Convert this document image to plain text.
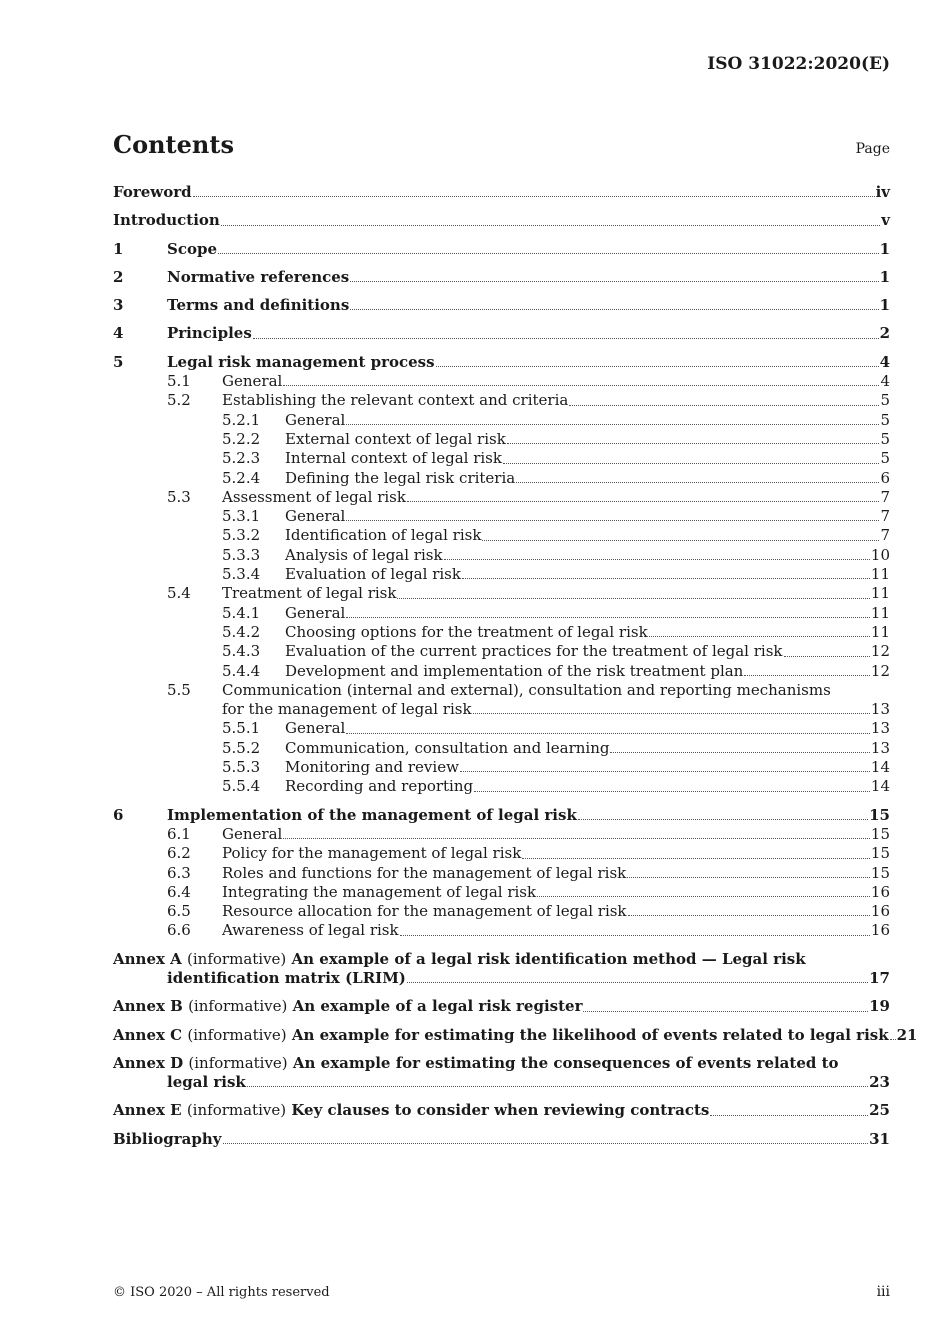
ISO 31022:2020(E)
Contents	Page
Foreword	iv
Introduction	v
1	Scope	1
2	Normative references	1
3	Terms and definitions	1
4	Principles	2
5	Legal risk management process	4
5.1	General	4
5.2	Establishing the relevant context and criteria	5
5.2.1	General	5
5.2.2	External context of legal risk	5
5.2.3	Internal context of legal risk	5
5.2.4	Defining the legal risk criteria	6
5.3	Assessment of legal risk	7
5.3.1	General	7
5.3.2	Identification of legal risk	7
5.3.3	Analysis of legal risk	10
5.3.4	Evaluation of legal risk	11
5.4	Treatment of legal risk	11
5.4.1	General	11
5.4.2	Choosing options for the treatment of legal risk	11
5.4.3	Evaluation of the current practices for the treatment of legal risk	12
5.4.4	Development and implementation of the risk treatment plan	12
5.5	Communication (internal and external), consultation and reporting mechanisms
for the management of legal risk	13
5.5.1	General	13
5.5.2	Communication, consultation and learning	13
5.5.3	Monitoring and review	14
5.5.4	Recording and reporting	14
6	Implementation of the management of legal risk	15
6.1	General	15
6.2	Policy for the management of legal risk	15
6.3	Roles and functions for the management of legal risk	15
6.4	Integrating the management of legal risk	16
6.5	Resource allocation for the management of legal risk	16
6.6	Awareness of legal risk	16
Annex A (informative) An example of a legal risk identification method — Legal risk
identification matrix (LRIM)	17
Annex B (informative) An example of a legal risk register	19
Annex C (informative) An example for estimating the likelihood of events related to legal risk 21
Annex D (informative) An example for estimating the consequences of events related to
legal risk	23
Annex E (informative) Key clauses to consider when reviewing contracts	25
Bibliography	31
© ISO 2020 – All rights reserved	iii
